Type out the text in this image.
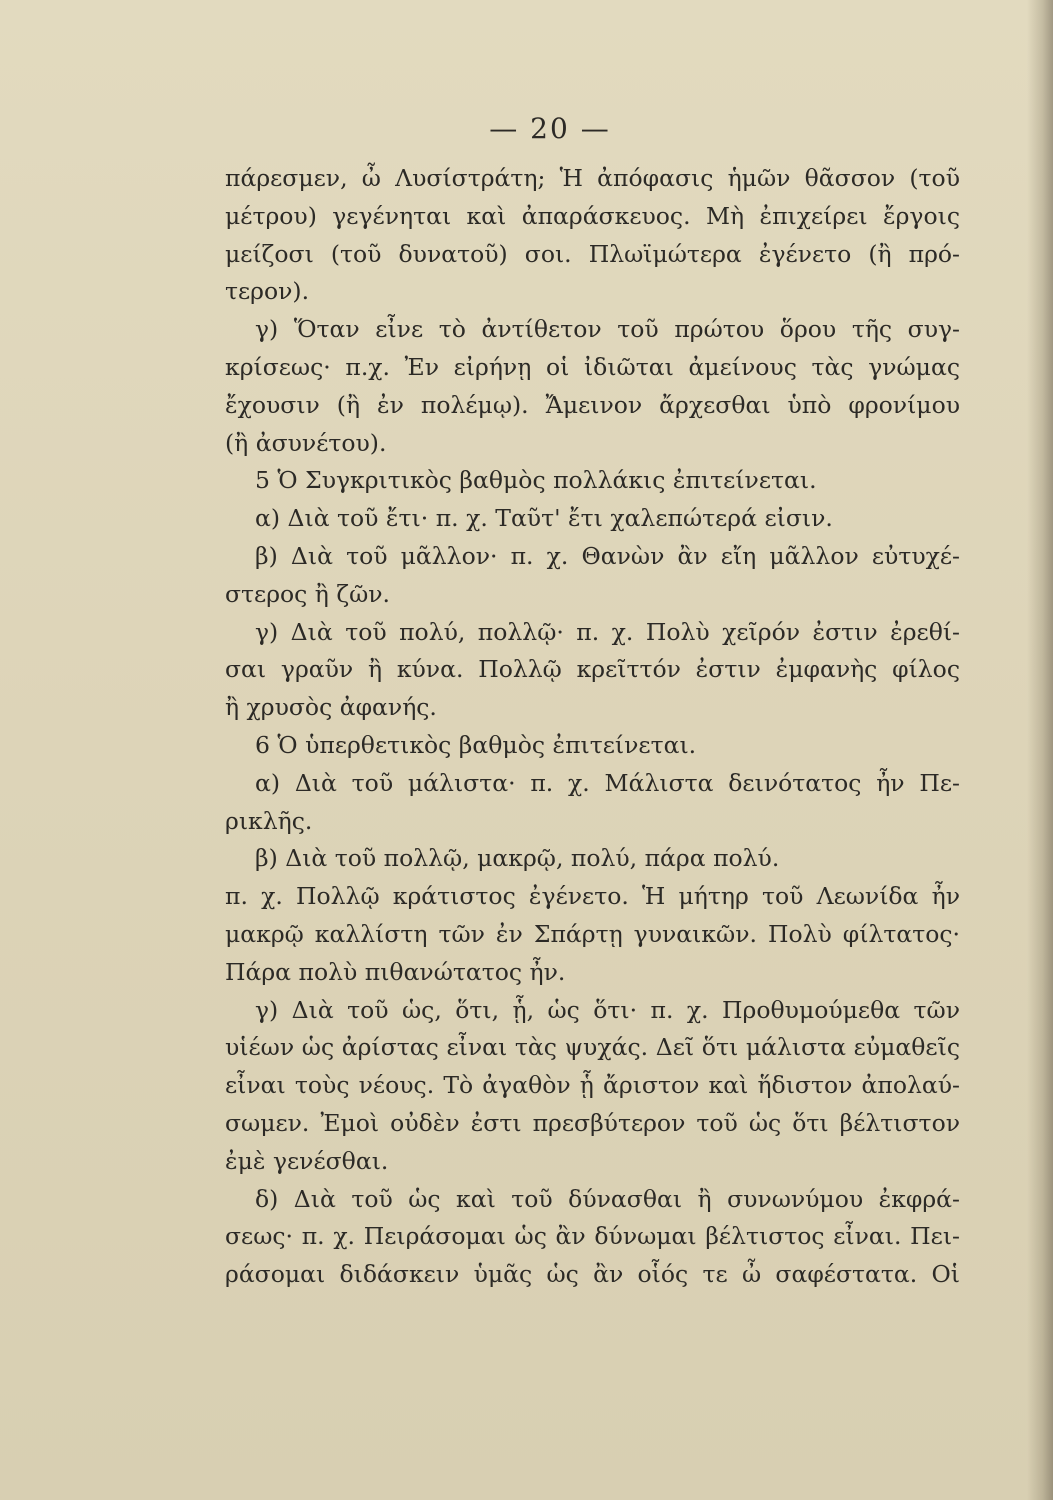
— 20 —
πάρεσμεν, ὦ Λυσίστράτη; Ἡ ἀπόφασις ἡμῶν θᾶσσον (τοῦ
μέτρου) γεγένηται καὶ ἀπαράσκευος. Μὴ ἐπιχείρει ἔργοις
μείζοσι (τοῦ δυνατοῦ) σοι. Πλωϊμώτερα ἐγένετο (ἢ πρό-
τερον).
γ) Ὅταν εἶνε τὸ ἀντίθετον τοῦ πρώτου ὅρου τῆς συγ-
κρίσεως· π.χ. Ἐν εἰρήνῃ οἱ ἰδιῶται ἀμείνους τὰς γνώμας
ἔχουσιν (ἢ ἐν πολέμῳ). Ἄμεινον ἄρχεσθαι ὑπὸ φρονίμου
(ἢ ἀσυνέτου).
5 Ὁ Συγκριτικὸς βαθμὸς πολλάκις ἐπιτείνεται.
α) Διὰ τοῦ ἔτι· π. χ. Ταῦτ' ἔτι χαλεπώτερά εἰσιν.
β) Διὰ τοῦ μᾶλλον· π. χ. Θανὼν ἂν εἴη μᾶλλον εὐτυχέ-
στερος ἢ ζῶν.
γ) Διὰ τοῦ πολύ, πολλῷ· π. χ. Πολὺ χεῖρόν ἐστιν ἐρεθί-
σαι γραῦν ἢ κύνα. Πολλῷ κρεῖττόν ἐστιν ἐμφανὴς φίλος
ἢ χρυσὸς ἀφανής.
6 Ὁ ὑπερθετικὸς βαθμὸς ἐπιτείνεται.
α) Διὰ τοῦ μάλιστα· π. χ. Μάλιστα δεινότατος ἦν Πε-
ρικλῆς.
β) Διὰ τοῦ πολλῷ, μακρῷ, πολύ, πάρα πολύ.
π. χ. Πολλῷ κράτιστος ἐγένετο. Ἡ μήτηρ τοῦ Λεωνίδα ἦν
μακρῷ καλλίστη τῶν ἐν Σπάρτῃ γυναικῶν. Πολὺ φίλτατος·
Πάρα πολὺ πιθανώτατος ἦν.
γ) Διὰ τοῦ ὡς, ὅτι, ᾗ, ὡς ὅτι· π. χ. Προθυμούμεθα τῶν
υἱέων ὡς ἀρίστας εἶναι τὰς ψυχάς. Δεῖ ὅτι μάλιστα εὐμαθεῖς
εἶναι τοὺς νέους. Τὸ ἀγαθὸν ᾗ ἄριστον καὶ ἥδιστον ἀπολαύ-
σωμεν. Ἐμοὶ οὐδὲν ἐστι πρεσβύτερον τοῦ ὡς ὅτι βέλτιστον
ἐμὲ γενέσθαι.
δ) Διὰ τοῦ ὡς καὶ τοῦ δύνασθαι ἢ συνωνύμου ἐκφρά-
σεως· π. χ. Πειράσομαι ὡς ἂν δύνωμαι βέλτιστος εἶναι. Πει-
ράσομαι διδάσκειν ὑμᾶς ὡς ἂν οἷός τε ὦ σαφέστατα. Οἱ
